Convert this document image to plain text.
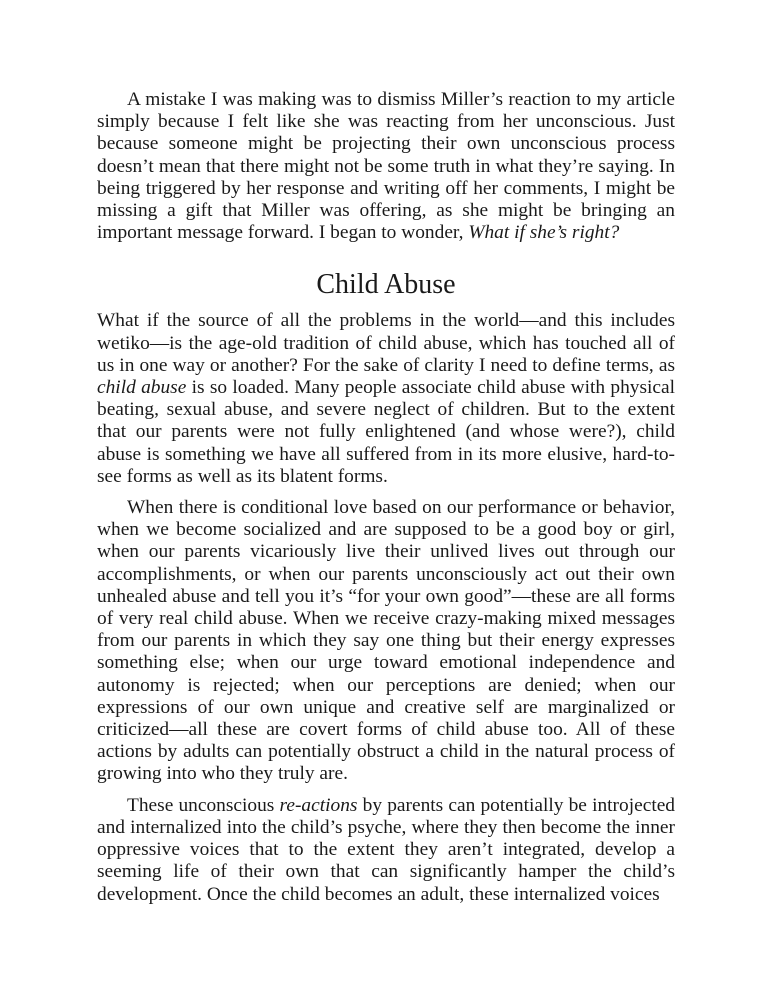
A mistake I was making was to dismiss Miller’s reaction to my article simply because I felt like she was reacting from her unconscious. Just because someone might be projecting their own unconscious process doesn’t mean that there might not be some truth in what they’re saying. In being triggered by her response and writing off her comments, I might be missing a gift that Miller was offering, as she might be bringing an important message forward. I began to wonder, What if she’s right?

Child Abuse

What if the source of all the problems in the world—and this includes wetiko—is the age-old tradition of child abuse, which has touched all of us in one way or another? For the sake of clarity I need to define terms, as child abuse is so loaded. Many people associate child abuse with physical beating, sexual abuse, and severe neglect of children. But to the extent that our parents were not fully enlightened (and whose were?), child abuse is something we have all suffered from in its more elusive, hard-to-see forms as well as its blatent forms.

When there is conditional love based on our performance or behavior, when we become socialized and are supposed to be a good boy or girl, when our parents vicariously live their unlived lives out through our accomplishments, or when our parents unconsciously act out their own unhealed abuse and tell you it’s “for your own good”—these are all forms of very real child abuse. When we receive crazy-making mixed messages from our parents in which they say one thing but their energy expresses something else; when our urge toward emotional independence and autonomy is rejected; when our perceptions are denied; when our expressions of our own unique and creative self are marginalized or criticized—all these are covert forms of child abuse too. All of these actions by adults can potentially obstruct a child in the natural process of growing into who they truly are.

These unconscious re-actions by parents can potentially be introjected and internalized into the child’s psyche, where they then become the inner oppressive voices that to the extent they aren’t integrated, develop a seeming life of their own that can significantly hamper the child’s development. Once the child becomes an adult, these internalized voices
